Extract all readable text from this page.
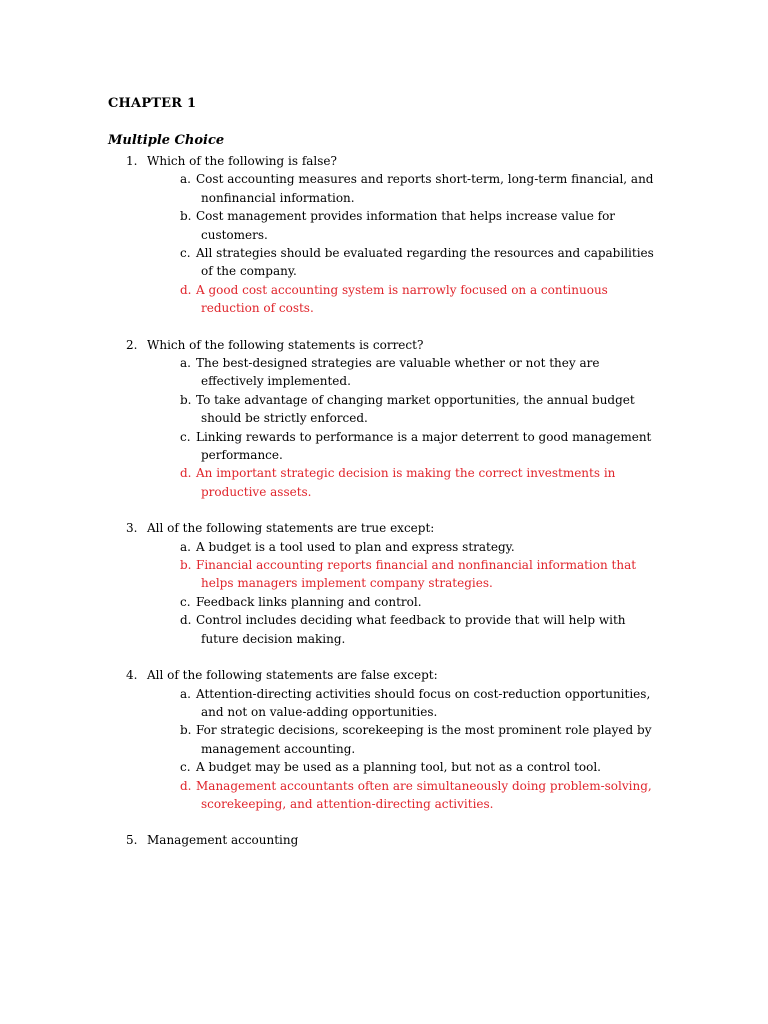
CHAPTER 1
Multiple Choice
1. Which of the following is false?
a. Cost accounting measures and reports short-term, long-term financial, and
nonfinancial information.
b. Cost management provides information that helps increase value for
customers.
c. All strategies should be evaluated regarding the resources and capabilities
of the company.
d. A good cost accounting system is narrowly focused on a continuous
reduction of costs.
2. Which of the following statements is correct?
a. The best-designed strategies are valuable whether or not they are
effectively implemented.
b. To take advantage of changing market opportunities, the annual budget
should be strictly enforced.
c. Linking rewards to performance is a major deterrent to good management
performance.
d. An important strategic decision is making the correct investments in
productive assets.
3. All of the following statements are true except:
a. A budget is a tool used to plan and express strategy.
b. Financial accounting reports financial and nonfinancial information that
helps managers implement company strategies.
c. Feedback links planning and control.
d. Control includes deciding what feedback to provide that will help with
future decision making.
4. All of the following statements are false except:
a. Attention-directing activities should focus on cost-reduction opportunities,
and not on value-adding opportunities.
b. For strategic decisions, scorekeeping is the most prominent role played by
management accounting.
c. A budget may be used as a planning tool, but not as a control tool.
d. Management accountants often are simultaneously doing problem-solving,
scorekeeping, and attention-directing activities.
5. Management accounting
